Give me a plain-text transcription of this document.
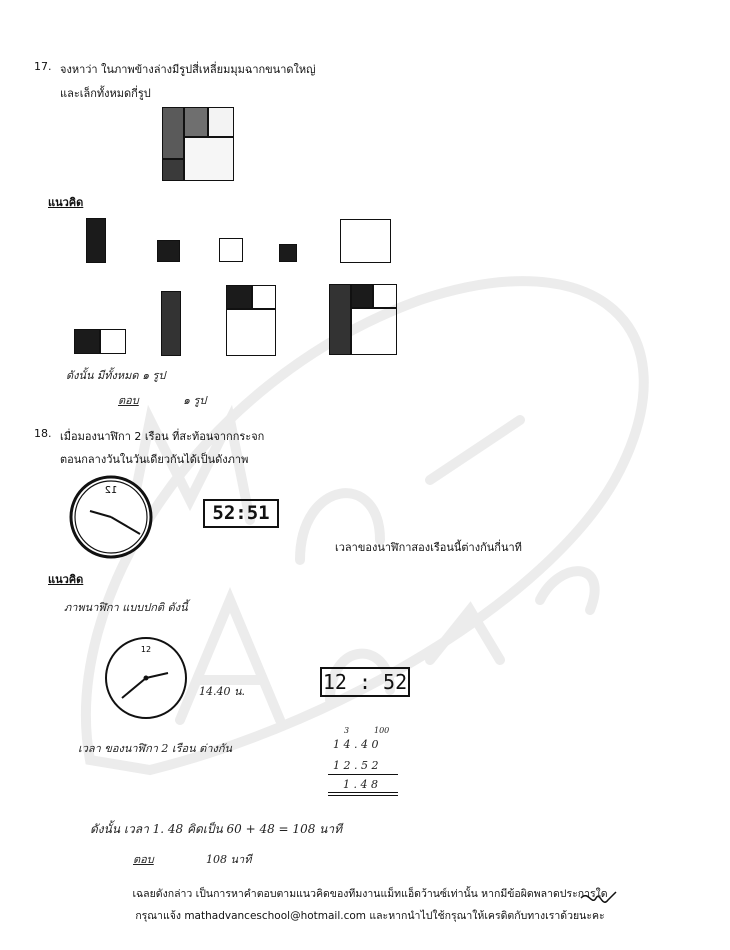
17. จงหาว่า ในภาพข้างล่างมีรูปสี่เหลี่ยมมุมฉากขนาดใหญ่
และเล็กทั้งหมดกี่รูป
แนวคิด
ดังนั้น มีทั้งหมด ๑ รูป
ตอบ	๑ รูป
18. เมื่อมองนาฬิกา 2 เรือน ที่สะท้อนจากกระจก
ตอนกลางวันในวันเดียวกันได้เป็นดังภาพ
12
52:51
เวลาของนาฬิกาสองเรือนนี้ต่างกันกี่นาที
แนวคิด
ภาพนาฬิกา แบบปกติ ดังนี้
12
14.40 น.	12 : 52
เวลา ของนาฬิกา 2 เรือน ต่างกัน
3	100
1 4 . 4 0
1 2 . 5 2
1 . 4 8
ดังนั้น เวลา 1. 48 คิดเป็น 60 + 48 = 108 นาที
ตอบ	108 นาที
เฉลยดังกล่าว เป็นการหาคำตอบตามแนวคิดของทีมงานแม็ทแอ็ดว้านซ์เท่านั้น หากมีข้อผิดพลาดประการใด
กรุณาแจ้ง mathadvanceschool@hotmail.com และหากนำไปใช้กรุณาให้เครดิตกับทางเราด้วยนะคะ
